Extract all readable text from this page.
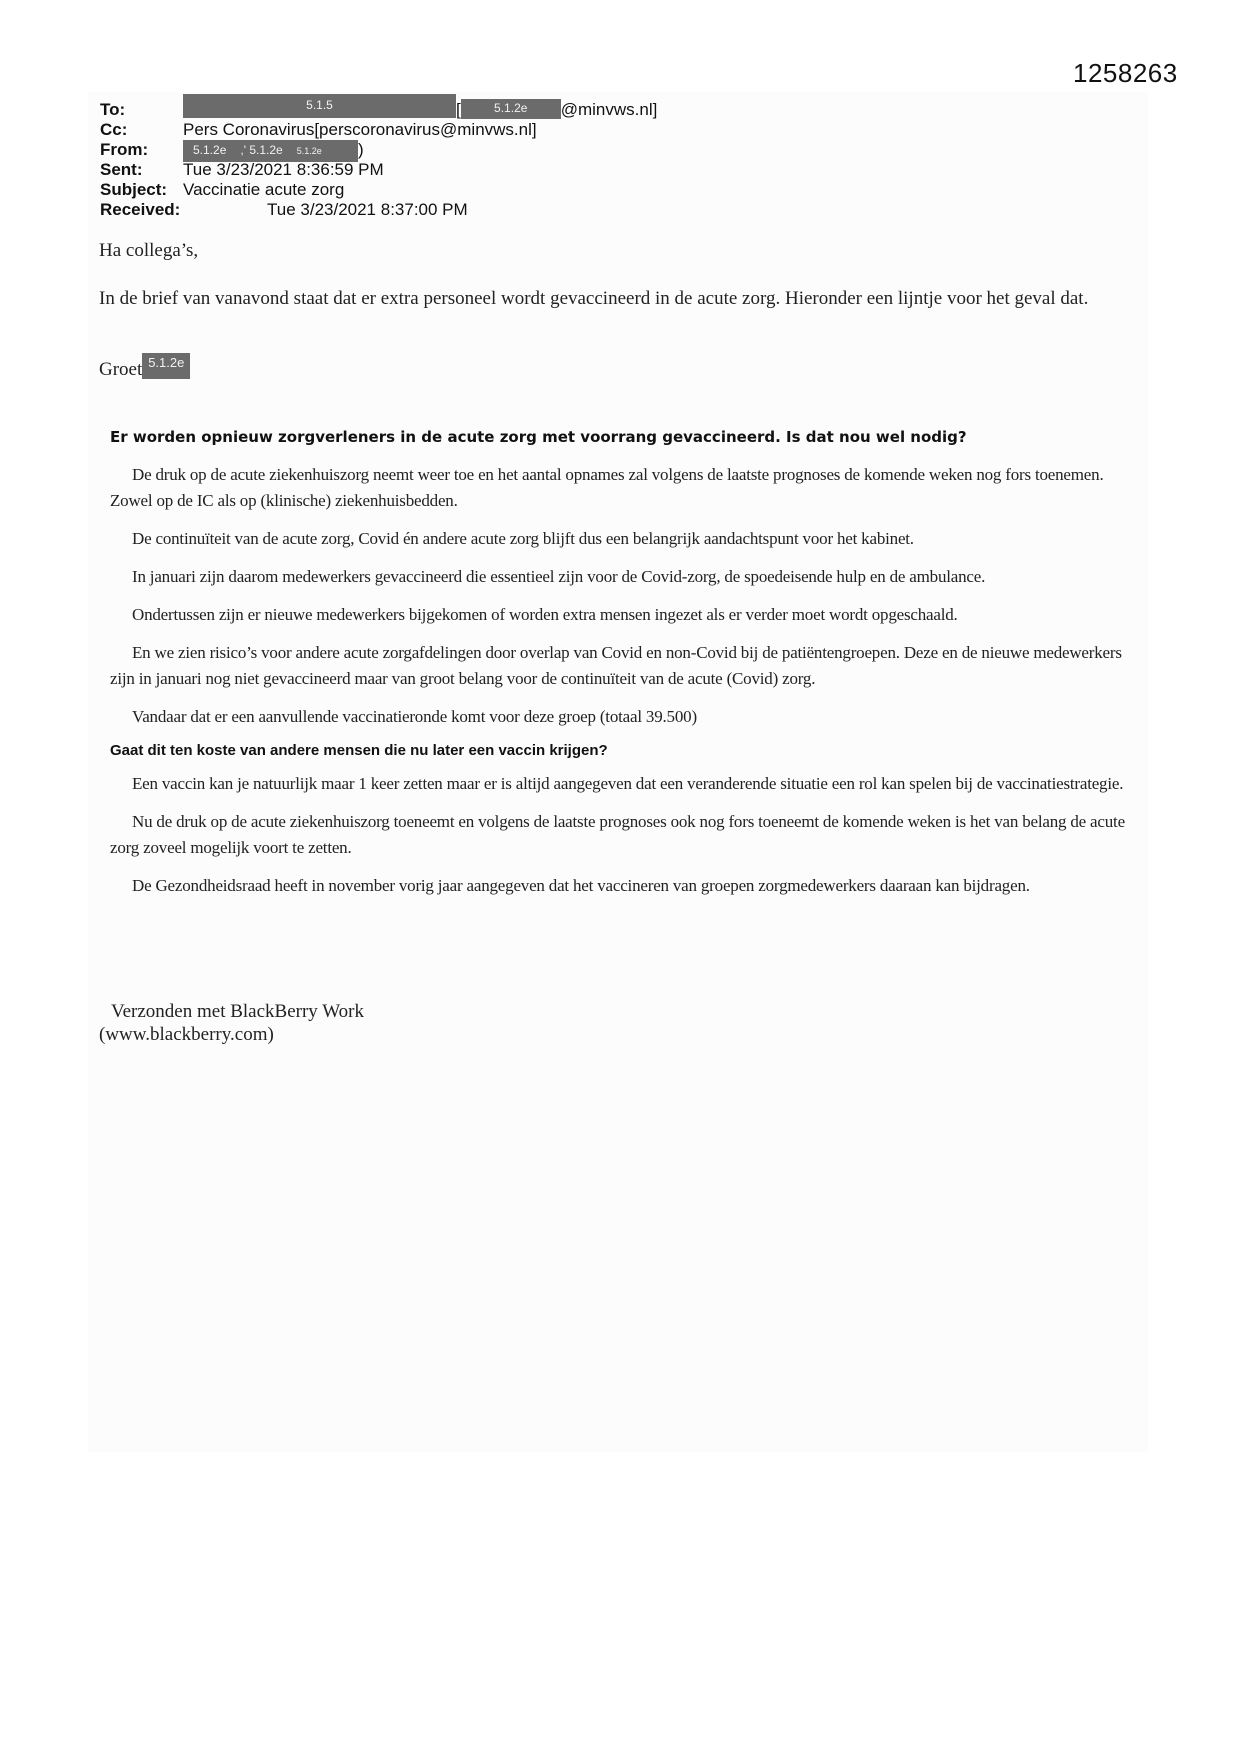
1258263
To:	5.1.5	[	5.1.2e @minvws.nl]
Cc:	Pers Coronavirus[perscoronavirus@minvws.nl]
From:	5.1.2e ,' 5.1.2e 5.1.2e )
Sent: Tue 3/23/2021 8:36:59 PM
Subject: Vaccinatie acute zorg
Received:	Tue 3/23/2021 8:37:00 PM
Ha collega’s,
In de brief van vanavond staat dat er extra personeel wordt gevaccineerd in de acute zorg. Hieronder een lijntje voor het geval dat.
Groet 5.1.2e
Er worden opnieuw zorgverleners in de acute zorg met voorrang gevaccineerd. Is dat nou wel nodig?

De druk op de acute ziekenhuiszorg neemt weer toe en het aantal opnames zal volgens de laatste prognoses de komende weken nog fors toenemen. Zowel op de IC als op (klinische) ziekenhuisbedden.

De continuïteit van de acute zorg, Covid én andere acute zorg blijft dus een belangrijk aandachtspunt voor het kabinet.

In januari zijn daarom medewerkers gevaccineerd die essentieel zijn voor de Covid-zorg, de spoedeisende hulp en de ambulance.

Ondertussen zijn er nieuwe medewerkers bijgekomen of worden extra mensen ingezet als er verder moet wordt opgeschaald.

En we zien risico’s voor andere acute zorgafdelingen door overlap van Covid en non-Covid bij de patiëntengroepen. Deze en de nieuwe medewerkers zijn in januari nog niet gevaccineerd maar van groot belang voor de continuïteit van de acute (Covid) zorg.

Vandaar dat er een aanvullende vaccinatieronde komt voor deze groep (totaal 39.500)

Gaat dit ten koste van andere mensen die nu later een vaccin krijgen?

Een vaccin kan je natuurlijk maar 1 keer zetten maar er is altijd aangegeven dat een veranderende situatie een rol kan spelen bij de vaccinatiestrategie.

Nu de druk op de acute ziekenhuiszorg toeneemt en volgens de laatste prognoses ook nog fors toeneemt de komende weken is het van belang de acute zorg zoveel mogelijk voort te zetten.

De Gezondheidsraad heeft in november vorig jaar aangegeven dat het vaccineren van groepen zorgmedewerkers daaraan kan bijdragen.

Verzonden met BlackBerry Work
(www.blackberry.com)
